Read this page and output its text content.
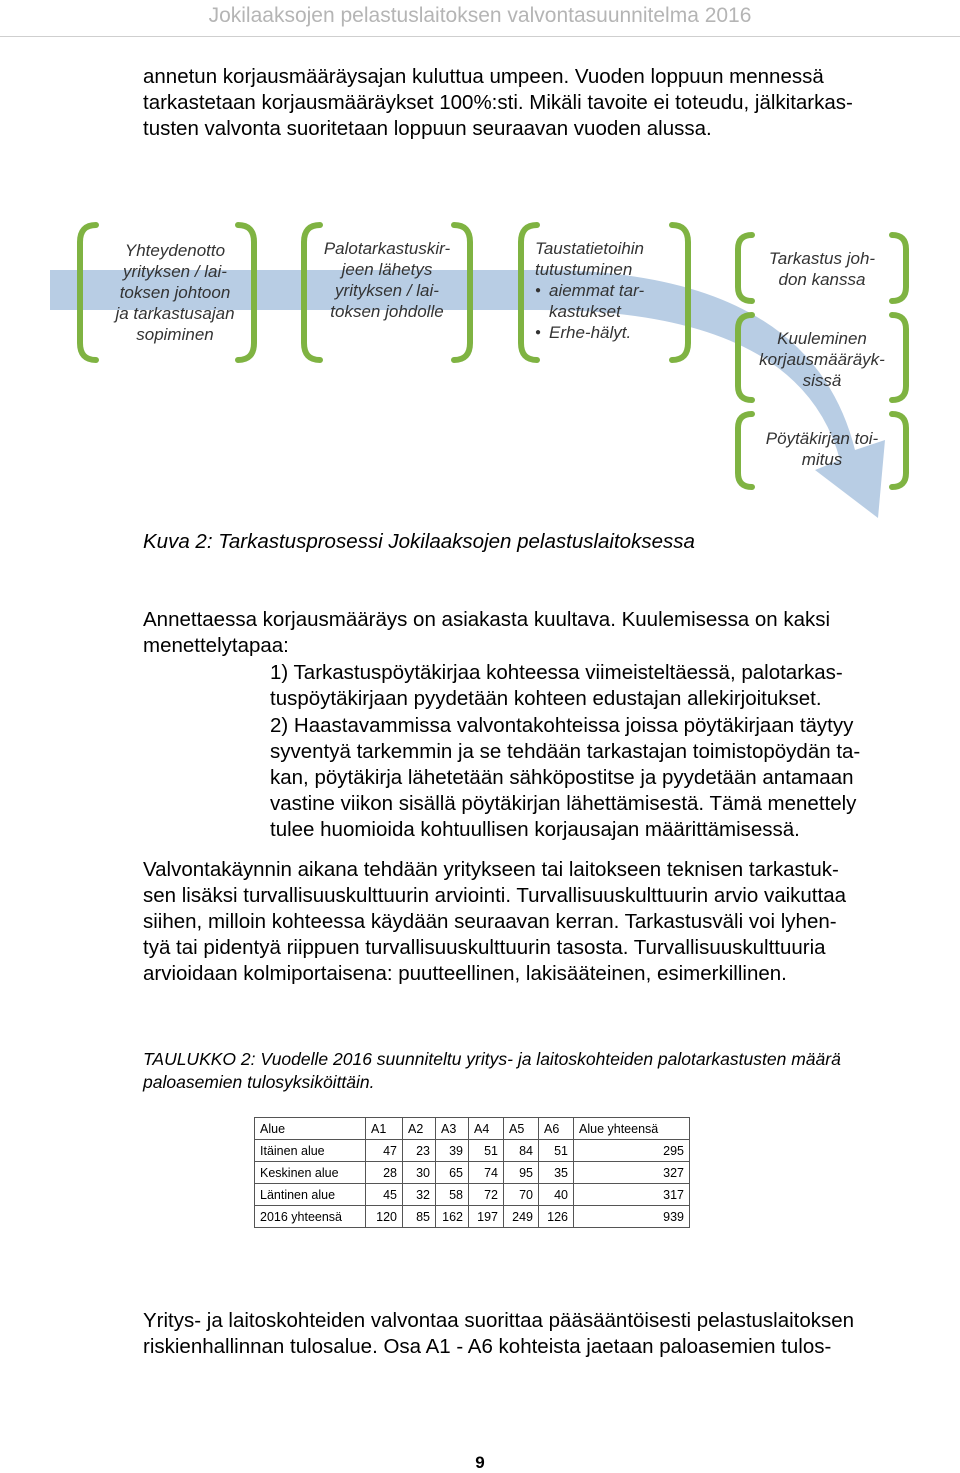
Jokilaaksojen pelastuslaitoksen valvontasuunnitelma 2016

annetun korjausmääräysajan kuluttua umpeen. Vuoden loppuun mennessä

tarkastetaan korjausmääräykset 100%:sti. Mikäli tavoite ei toteudu, jälkitarkas-

tusten valvonta suoritetaan loppuun seuraavan vuoden alussa.

Yhteydenotto
yrityksen / lai-
toksen johtoon
ja tarkastusajan
sopiminen
Palotarkastuskir-
jeen lähetys
yrityksen / lai-
toksen johdolle
Taustatietoihin
tutustuminen
● aiemmat tar-
kastukset
● Erhe-hälyt.
Tarkastus joh-
don kanssa
Kuuleminen
korjausmääräyk-
sissä
Pöytäkirjan toi-
mitus
Kuva 2: Tarkastusprosessi Jokilaaksojen pelastuslaitoksessa

Annettaessa korjausmääräys on asiakasta kuultava. Kuulemisessa on kaksi

menettelytapaa:

1) Tarkastuspöytäkirjaa kohteessa viimeisteltäessä, palotarkas-

tuspöytäkirjaan pyydetään kohteen edustajan allekirjoitukset.

2) Haastavammissa valvontakohteissa joissa pöytäkirjaan täytyy

syventyä tarkemmin ja se tehdään tarkastajan toimistopöydän ta-

kan, pöytäkirja lähetetään sähköpostitse ja pyydetään antamaan

vastine viikon sisällä pöytäkirjan lähettämisestä. Tämä menettely

tulee huomioida kohtuullisen korjausajan määrittämisessä.

Valvontakäynnin aikana tehdään yritykseen tai laitokseen teknisen tarkastuk-

sen lisäksi turvallisuuskulttuurin arviointi. Turvallisuuskulttuurin arvio vaikuttaa

siihen, milloin kohteessa käydään seuraavan kerran. Tarkastusväli voi lyhen-

tyä tai pidentyä riippuen turvallisuuskulttuurin tasosta. Turvallisuuskulttuuria

arvioidaan kolmiportaisena: puutteellinen, lakisääteinen, esimerkillinen.

TAULUKKO 2: Vuodelle 2016 suunniteltu yritys- ja laitoskohteiden palotarkastusten määrä
paloasemien tulosyksiköittäin.
Alue	A1	A2	A3	A4	A5	A6	Alue yhteensä
Itäinen alue	47	23	39	51	84	51	295
Keskinen alue	28	30	65	74	95	35	327
Läntinen alue	45	32	58	72	70	40	317
2016 yhteensä	120	85	162	197	249	126	939

Yritys- ja laitoskohteiden valvontaa suorittaa pääsääntöisesti pelastuslaitoksen

riskienhallinnan tulosalue. Osa A1 - A6 kohteista jaetaan paloasemien tulos-

9
